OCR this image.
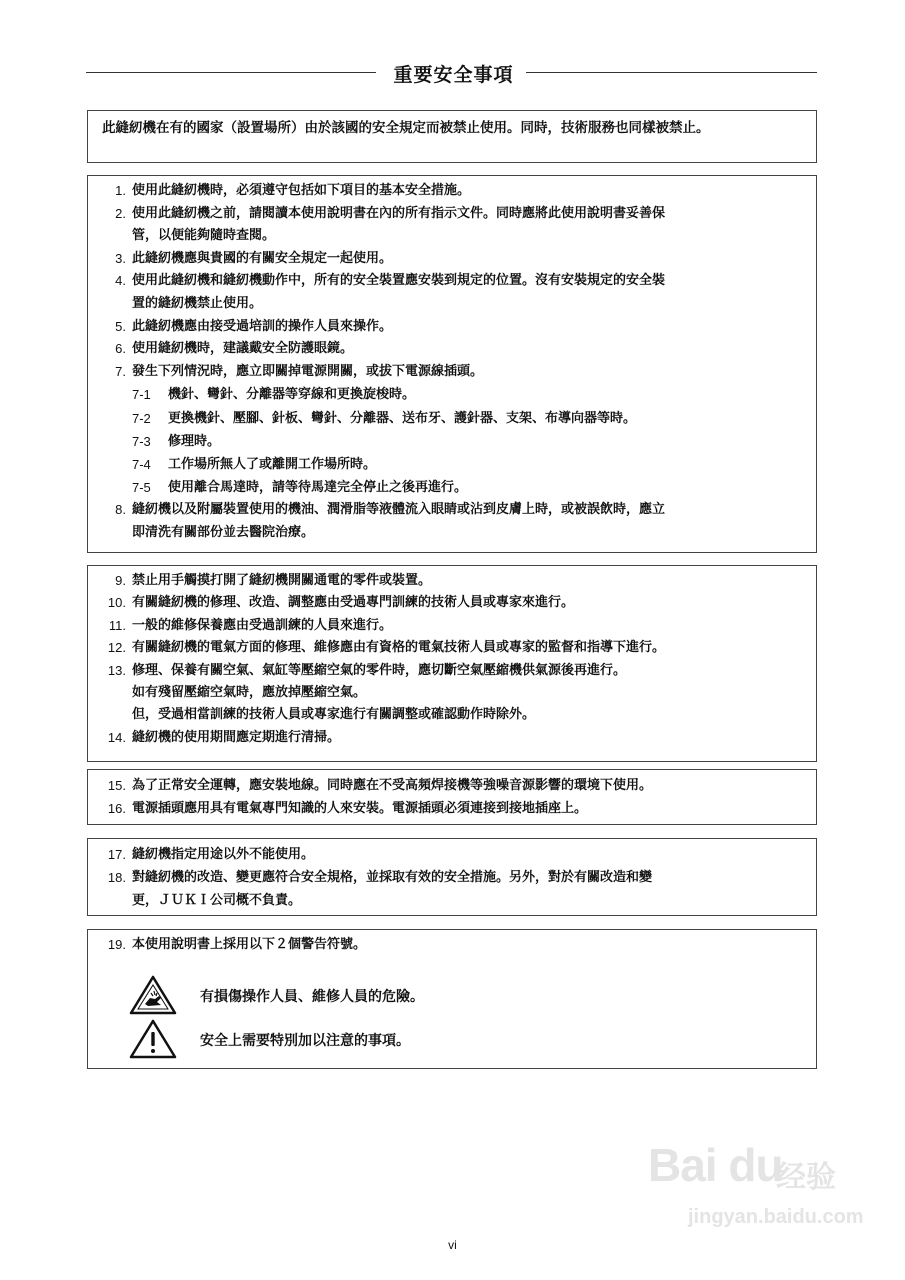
重要安全事項
此縫紉機在有的國家（設置場所）由於該國的安全規定而被禁止使用。同時，技術服務也同樣被禁止。
1. 使用此縫紉機時，必須遵守包括如下項目的基本安全措施。
2. 使用此縫紉機之前，請閱讀本使用說明書在內的所有指示文件。同時應將此使用說明書妥善保
管，以便能夠隨時查閱。
3. 此縫紉機應與貴國的有關安全規定一起使用。
4. 使用此縫紉機和縫紉機動作中，所有的安全裝置應安裝到規定的位置。沒有安裝規定的安全裝
置的縫紉機禁止使用。
5. 此縫紉機應由接受過培訓的操作人員來操作。
6. 使用縫紉機時，建議戴安全防護眼鏡。
7. 發生下列情況時，應立即關掉電源開關，或拔下電源線插頭。
7-1 機針、彎針、分離器等穿線和更換旋梭時。
7-2 更換機針、壓腳、針板、彎針、分離器、送布牙、護針器、支架、布導向器等時。
7-3 修理時。
7-4 工作場所無人了或離開工作場所時。
7-5 使用離合馬達時，請等待馬達完全停止之後再進行。
8. 縫紉機以及附屬裝置使用的機油、潤滑脂等液體流入眼睛或沾到皮膚上時，或被誤飲時，應立
即清洗有關部份並去醫院治療。
9. 禁止用手觸摸打開了縫紉機開關通電的零件或裝置。
10. 有關縫紉機的修理、改造、調整應由受過專門訓練的技術人員或專家來進行。
11. 一般的維修保養應由受過訓練的人員來進行。
12. 有關縫紉機的電氣方面的修理、維修應由有資格的電氣技術人員或專家的監督和指導下進行。
13. 修理、保養有關空氣、氣缸等壓縮空氣的零件時，應切斷空氣壓縮機供氣源後再進行。
如有殘留壓縮空氣時，應放掉壓縮空氣。
但，受過相當訓練的技術人員或專家進行有關調整或確認動作時除外。
14. 縫紉機的使用期間應定期進行清掃。
15. 為了正常安全運轉，應安裝地線。同時應在不受高頻焊接機等強噪音源影響的環境下使用。
16. 電源插頭應用具有電氣專門知識的人來安裝。電源插頭必須連接到接地插座上。
17. 縫紉機指定用途以外不能使用。
18. 對縫紉機的改造、變更應符合安全規格，並採取有效的安全措施。另外，對於有關改造和變
更，ＪＵＫＩ公司概不負責。
19. 本使用說明書上採用以下２個警告符號。
有損傷操作人員、維修人員的危險。
安全上需要特別加以注意的事項。
Bai du
经验
jingyan.baidu.com
vi
